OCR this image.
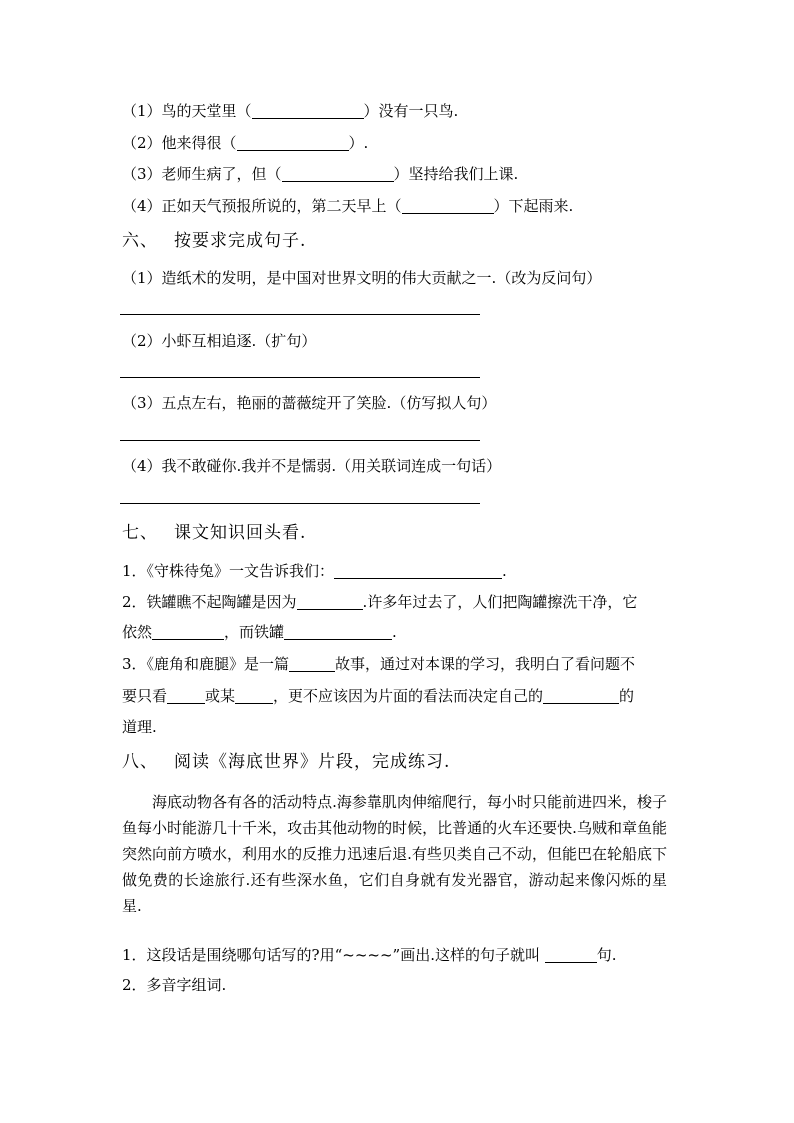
（1）鸟的天堂里（	）没有一只鸟.
（2）他来得很（	）.
（3）老师生病了，但（	）坚持给我们上课.
（4）正如天气预报所说的，第二天早上（	）下起雨来.
六、 按要求完成句子.
（1）造纸术的发明，是中国对世界文明的伟大贡献之一.（改为反问句）
（2）小虾互相追逐.（扩句）
（3）五点左右，艳丽的蔷薇绽开了笑脸.（仿写拟人句）
（4）我不敢碰你.我并不是懦弱.（用关联词连成一句话）
七、 课文知识回头看.
1．《守株待兔》一文告诉我们：	.
2．铁罐瞧不起陶罐是因为	.许多年过去了，人们把陶罐擦洗干净，它
依然	，而铁罐	.
3．《鹿角和鹿腿》是一篇	故事，通过对本课的学习，我明白了看问题不
要只看	或某	，更不应该因为片面的看法而决定自己的	的
道理.
八、 阅读《海底世界》片段，完成练习.

海底动物各有各的活动特点.海参靠肌肉伸缩爬行，每小时只能前进四米，梭子鱼每小时能游几十千米，攻击其他动物的时候，比普通的火车还要快.乌贼和章鱼能突然向前方喷水，利用水的反推力迅速后退.有些贝类自己不动，但能巴在轮船底下做免费的长途旅行.还有些深水鱼，它们自身就有发光器官，游动起来像闪烁的星星.

1．这段话是围绕哪句话写的?用“~~~~”画出.这样的句子就叫	句.
2．多音字组词.
